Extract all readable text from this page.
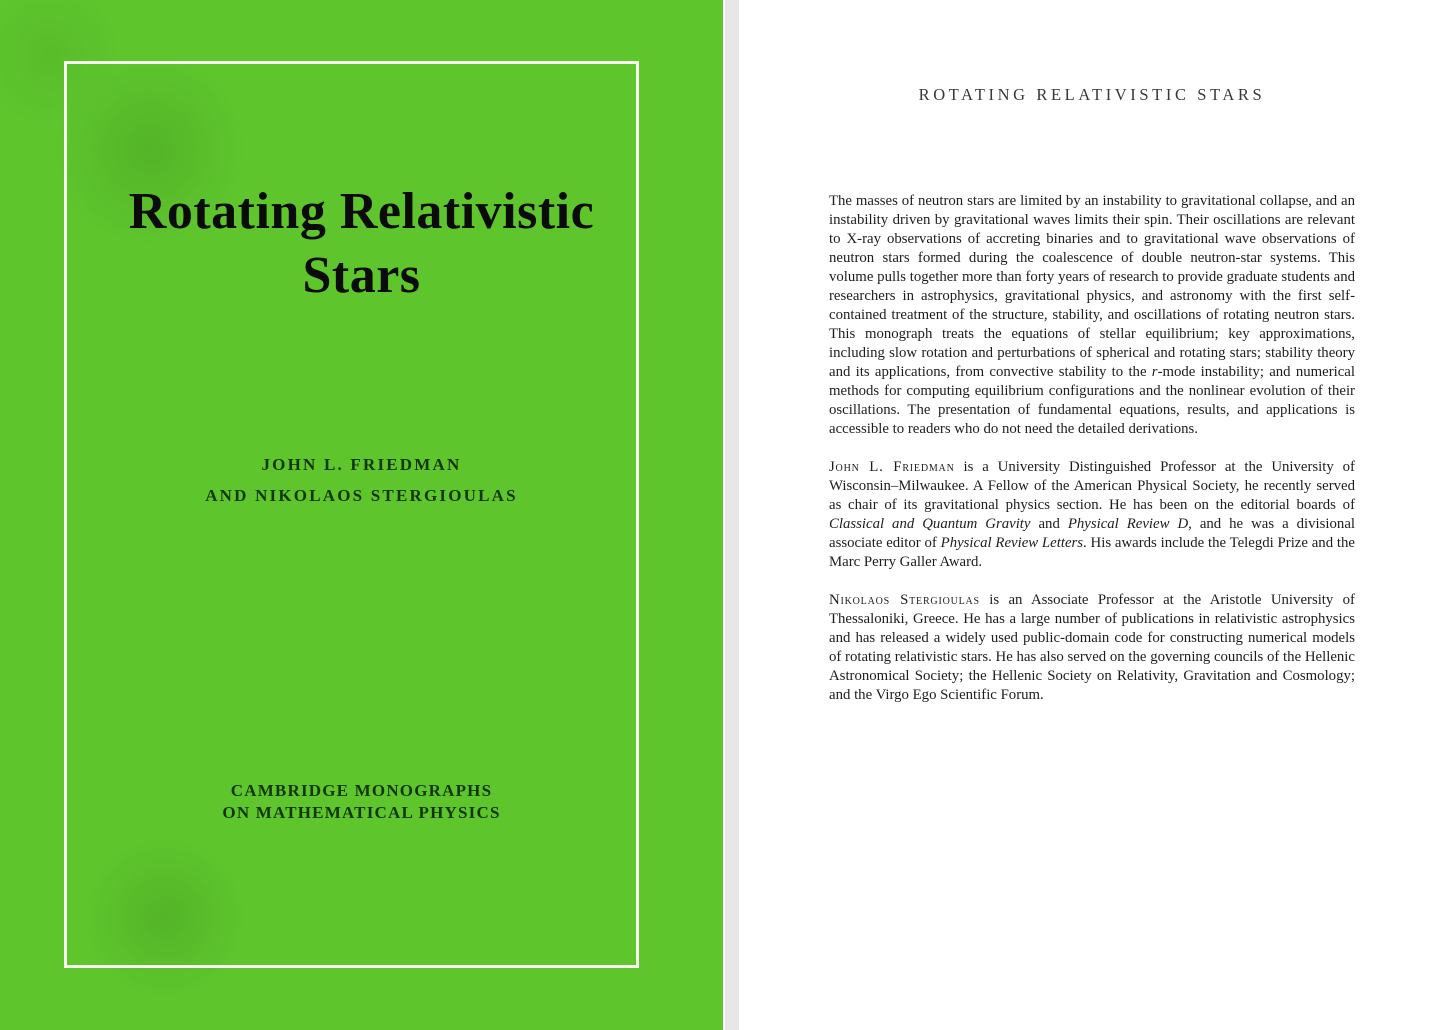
Rotating Relativistic
Stars
JOHN L. FRIEDMAN
AND NIKOLAOS STERGIOULAS
CAMBRIDGE MONOGRAPHS
ON MATHEMATICAL PHYSICS
ROTATING RELATIVISTIC STARS

The masses of neutron stars are limited by an instability to gravitational collapse, and an instability driven by gravitational waves limits their spin. Their oscillations are relevant to X-ray observations of accreting binaries and to gravitational wave observations of neutron stars formed during the coalescence of double neutron-star systems. This volume pulls together more than forty years of research to provide graduate students and researchers in astrophysics, gravitational physics, and astronomy with the first self-contained treatment of the structure, stability, and oscillations of rotating neutron stars. This monograph treats the equations of stellar equilibrium; key approximations, including slow rotation and perturbations of spherical and rotating stars; stability theory and its applications, from convective stability to the r-mode instability; and numerical methods for computing equilibrium configurations and the nonlinear evolution of their oscillations. The presentation of fundamental equations, results, and applications is accessible to readers who do not need the detailed derivations.

John L. Friedman is a University Distinguished Professor at the University of Wisconsin–Milwaukee. A Fellow of the American Physical Society, he recently served as chair of its gravitational physics section. He has been on the editorial boards of Classical and Quantum Gravity and Physical Review D, and he was a divisional associate editor of Physical Review Letters. His awards include the Telegdi Prize and the Marc Perry Galler Award.

Nikolaos Stergioulas is an Associate Professor at the Aristotle University of Thessaloniki, Greece. He has a large number of publications in relativistic astrophysics and has released a widely used public-domain code for constructing numerical models of rotating relativistic stars. He has also served on the governing councils of the Hellenic Astronomical Society; the Hellenic Society on Relativity, Gravitation and Cosmology; and the Virgo Ego Scientific Forum.
